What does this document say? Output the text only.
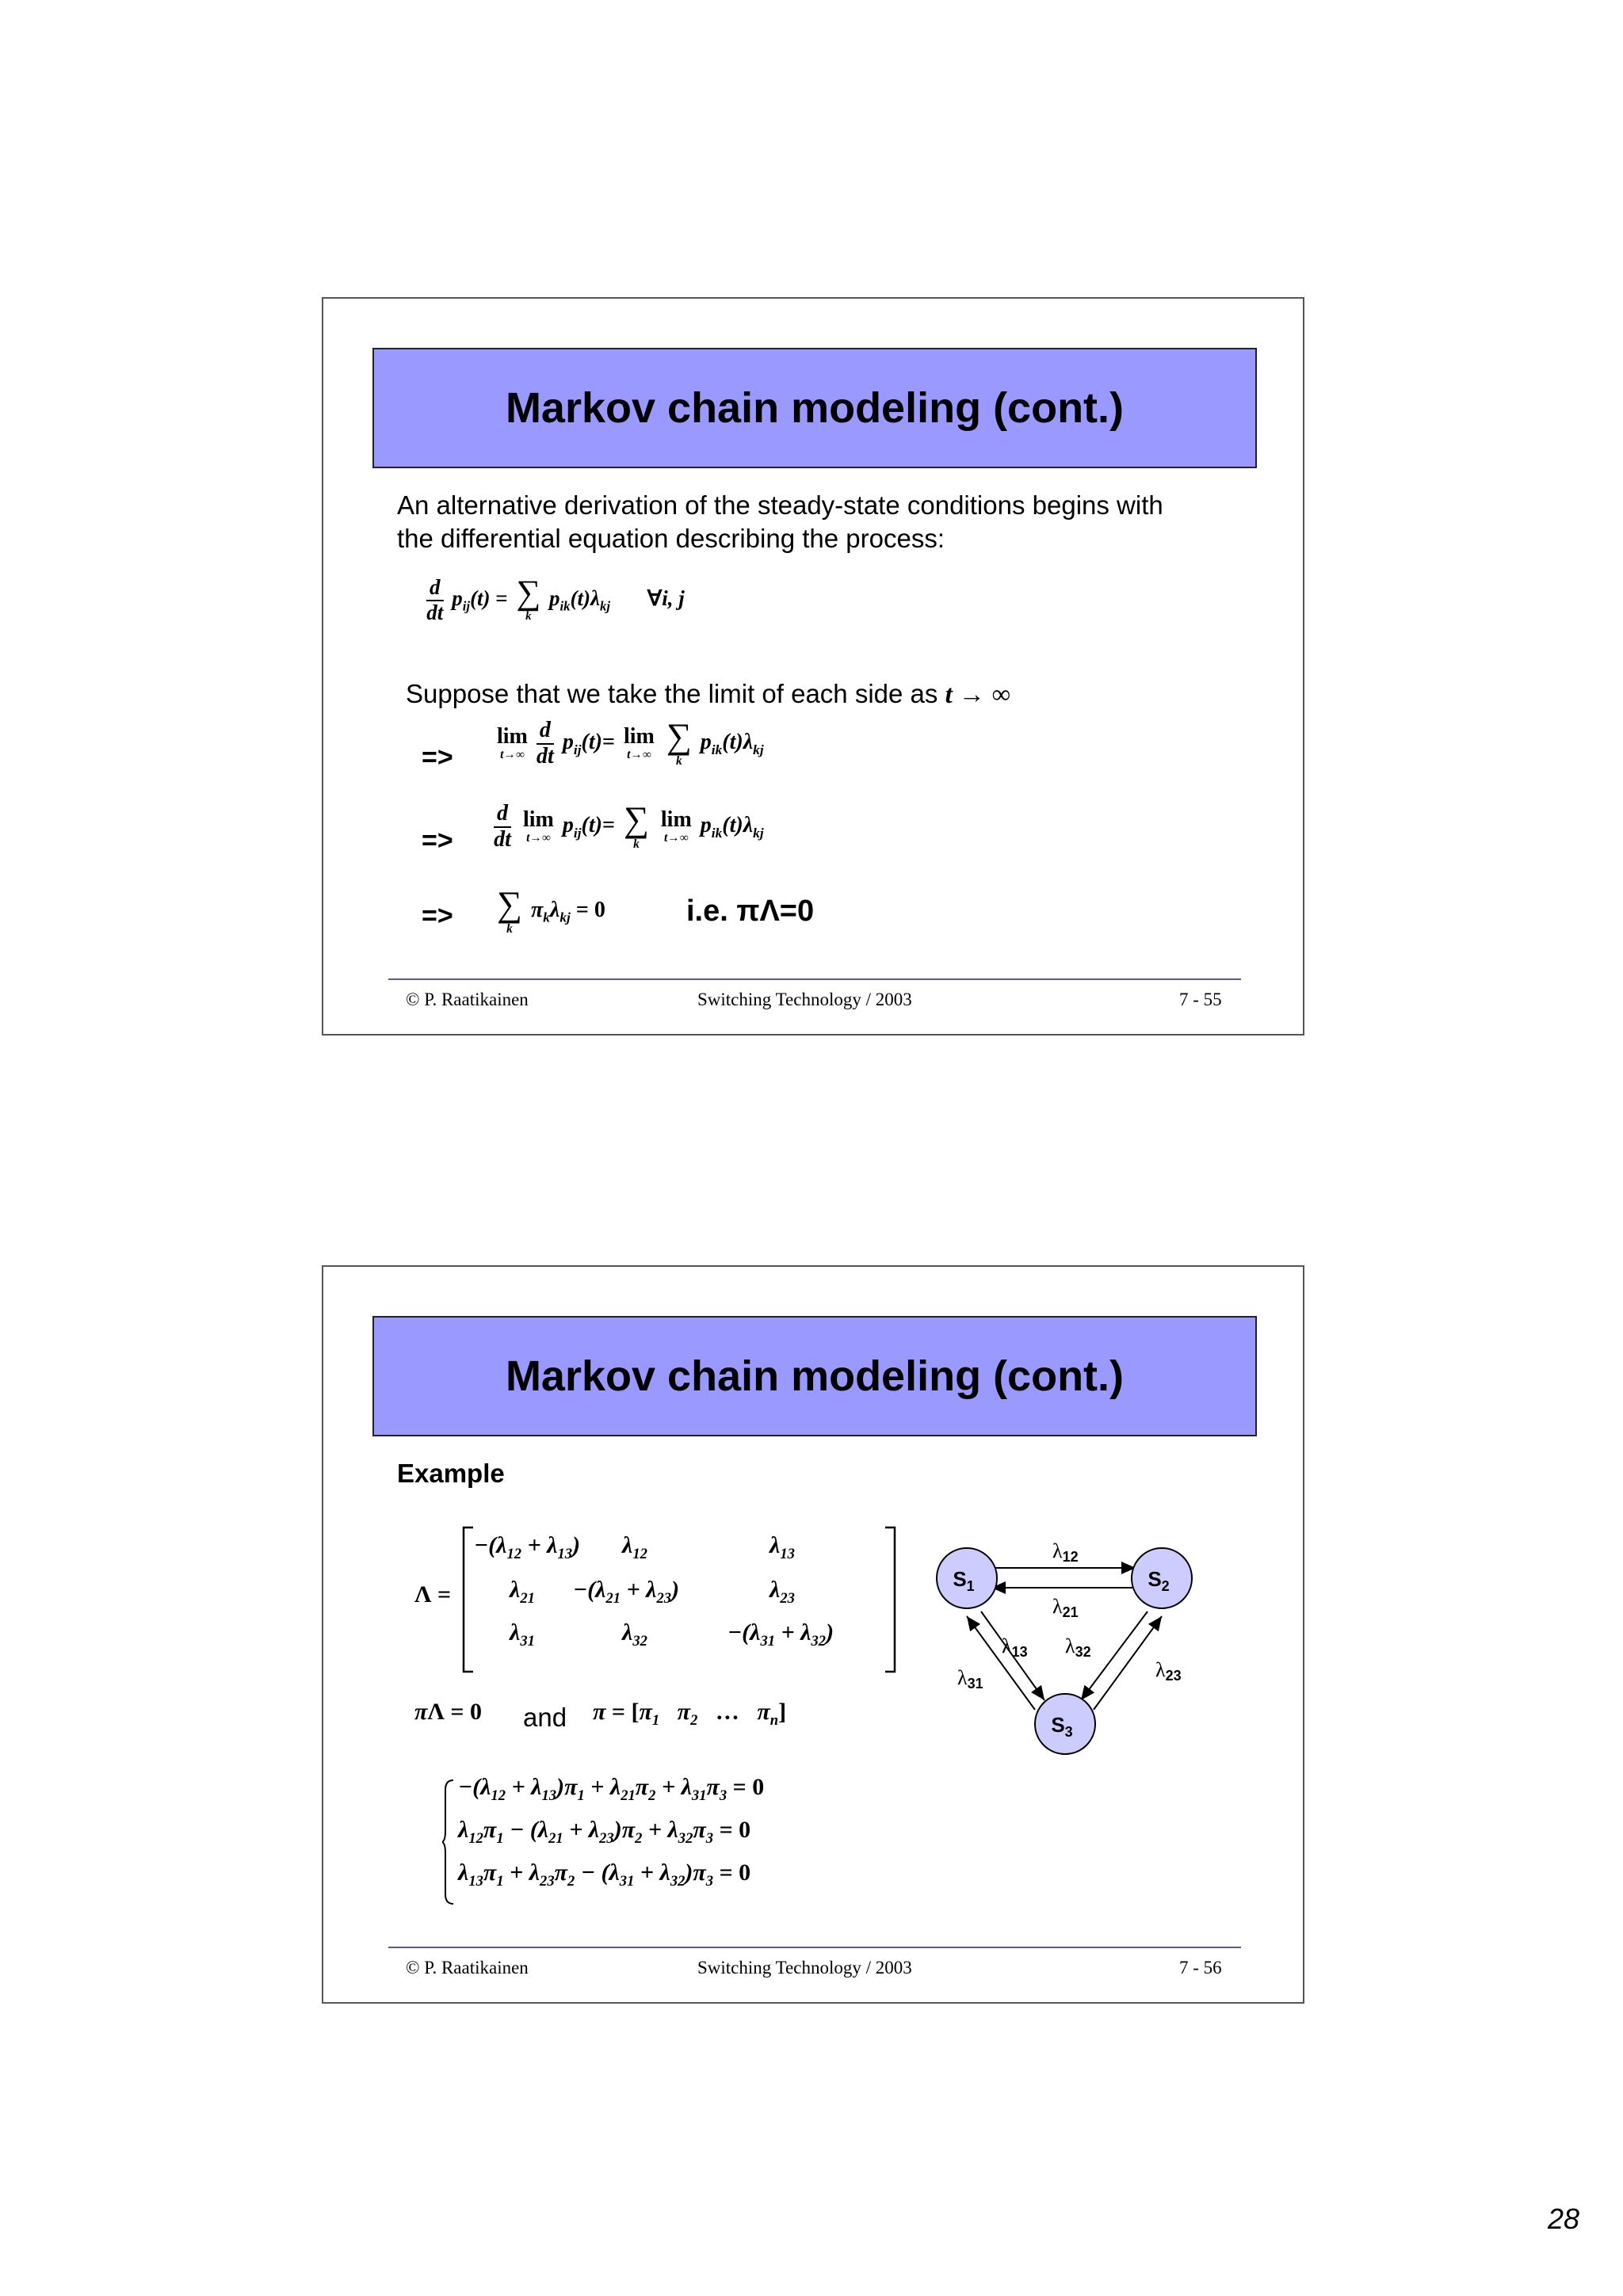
Markov chain modeling (cont.)
An alternative derivation of the steady-state conditions begins with
the differential equation describing the process:
$\frac{d}{dt} p_{ij}(t)$ = ∑
k
$p_{ik}(t)\lambda_{kj}$ ∀i, j
Suppose that we take the limit of each side as t → ∞
=>
lim
t→∞
$\frac{d}{dt} p_{ij}(t)= \lim$
t→∞
∑
k
$p_{ik}(t)\lambda_{kj}$
=> $\frac{d}{dt}$
lim
t→∞ $p_{ij}(t)=$ ∑
k

lim
t→∞ $p_{ik}(t)\lambda_{kj}$
=> ∑
k
$\pi_k\lambda_{kj} = 0$	i.e. πΛ=0
© P. Raatikainen	Switching Technology / 2003	7 - 55
Markov chain modeling (cont.)
Example
Λ =
$-(\lambda_{12} + \lambda_{13})$ $\lambda_{12}$	$\lambda_{13}$
$\lambda_{21} -(\lambda_{21} + \lambda_{23})$	$\lambda_{23}$
$\lambda_{31}$	$\lambda_{32}$	$-(\lambda_{31} + \lambda_{32})$
πΛ = 0 and $\pi = [\pi_1$   $\pi_2$ …   $\pi_n$]
$-(\lambda_{12} + \lambda_{13})\pi_1 + \lambda_{21}\pi_2 + \lambda_{31}\pi_3 = 0$
$\lambda_{12}\pi_1 - (\lambda_{21} + \lambda_{23})\pi_2 + \lambda_{32}\pi_3 = 0$
$\lambda_{13}\pi_1 + \lambda_{23}\pi_2 - (\lambda_{31} + \lambda_{32})\pi_3 = 0$
$S_1$	$S_2$
$S_3$
λ12
λ21
λ13
λ31
λ32
λ23
© P. Raatikainen	Switching Technology / 2003	7 - 56
28
